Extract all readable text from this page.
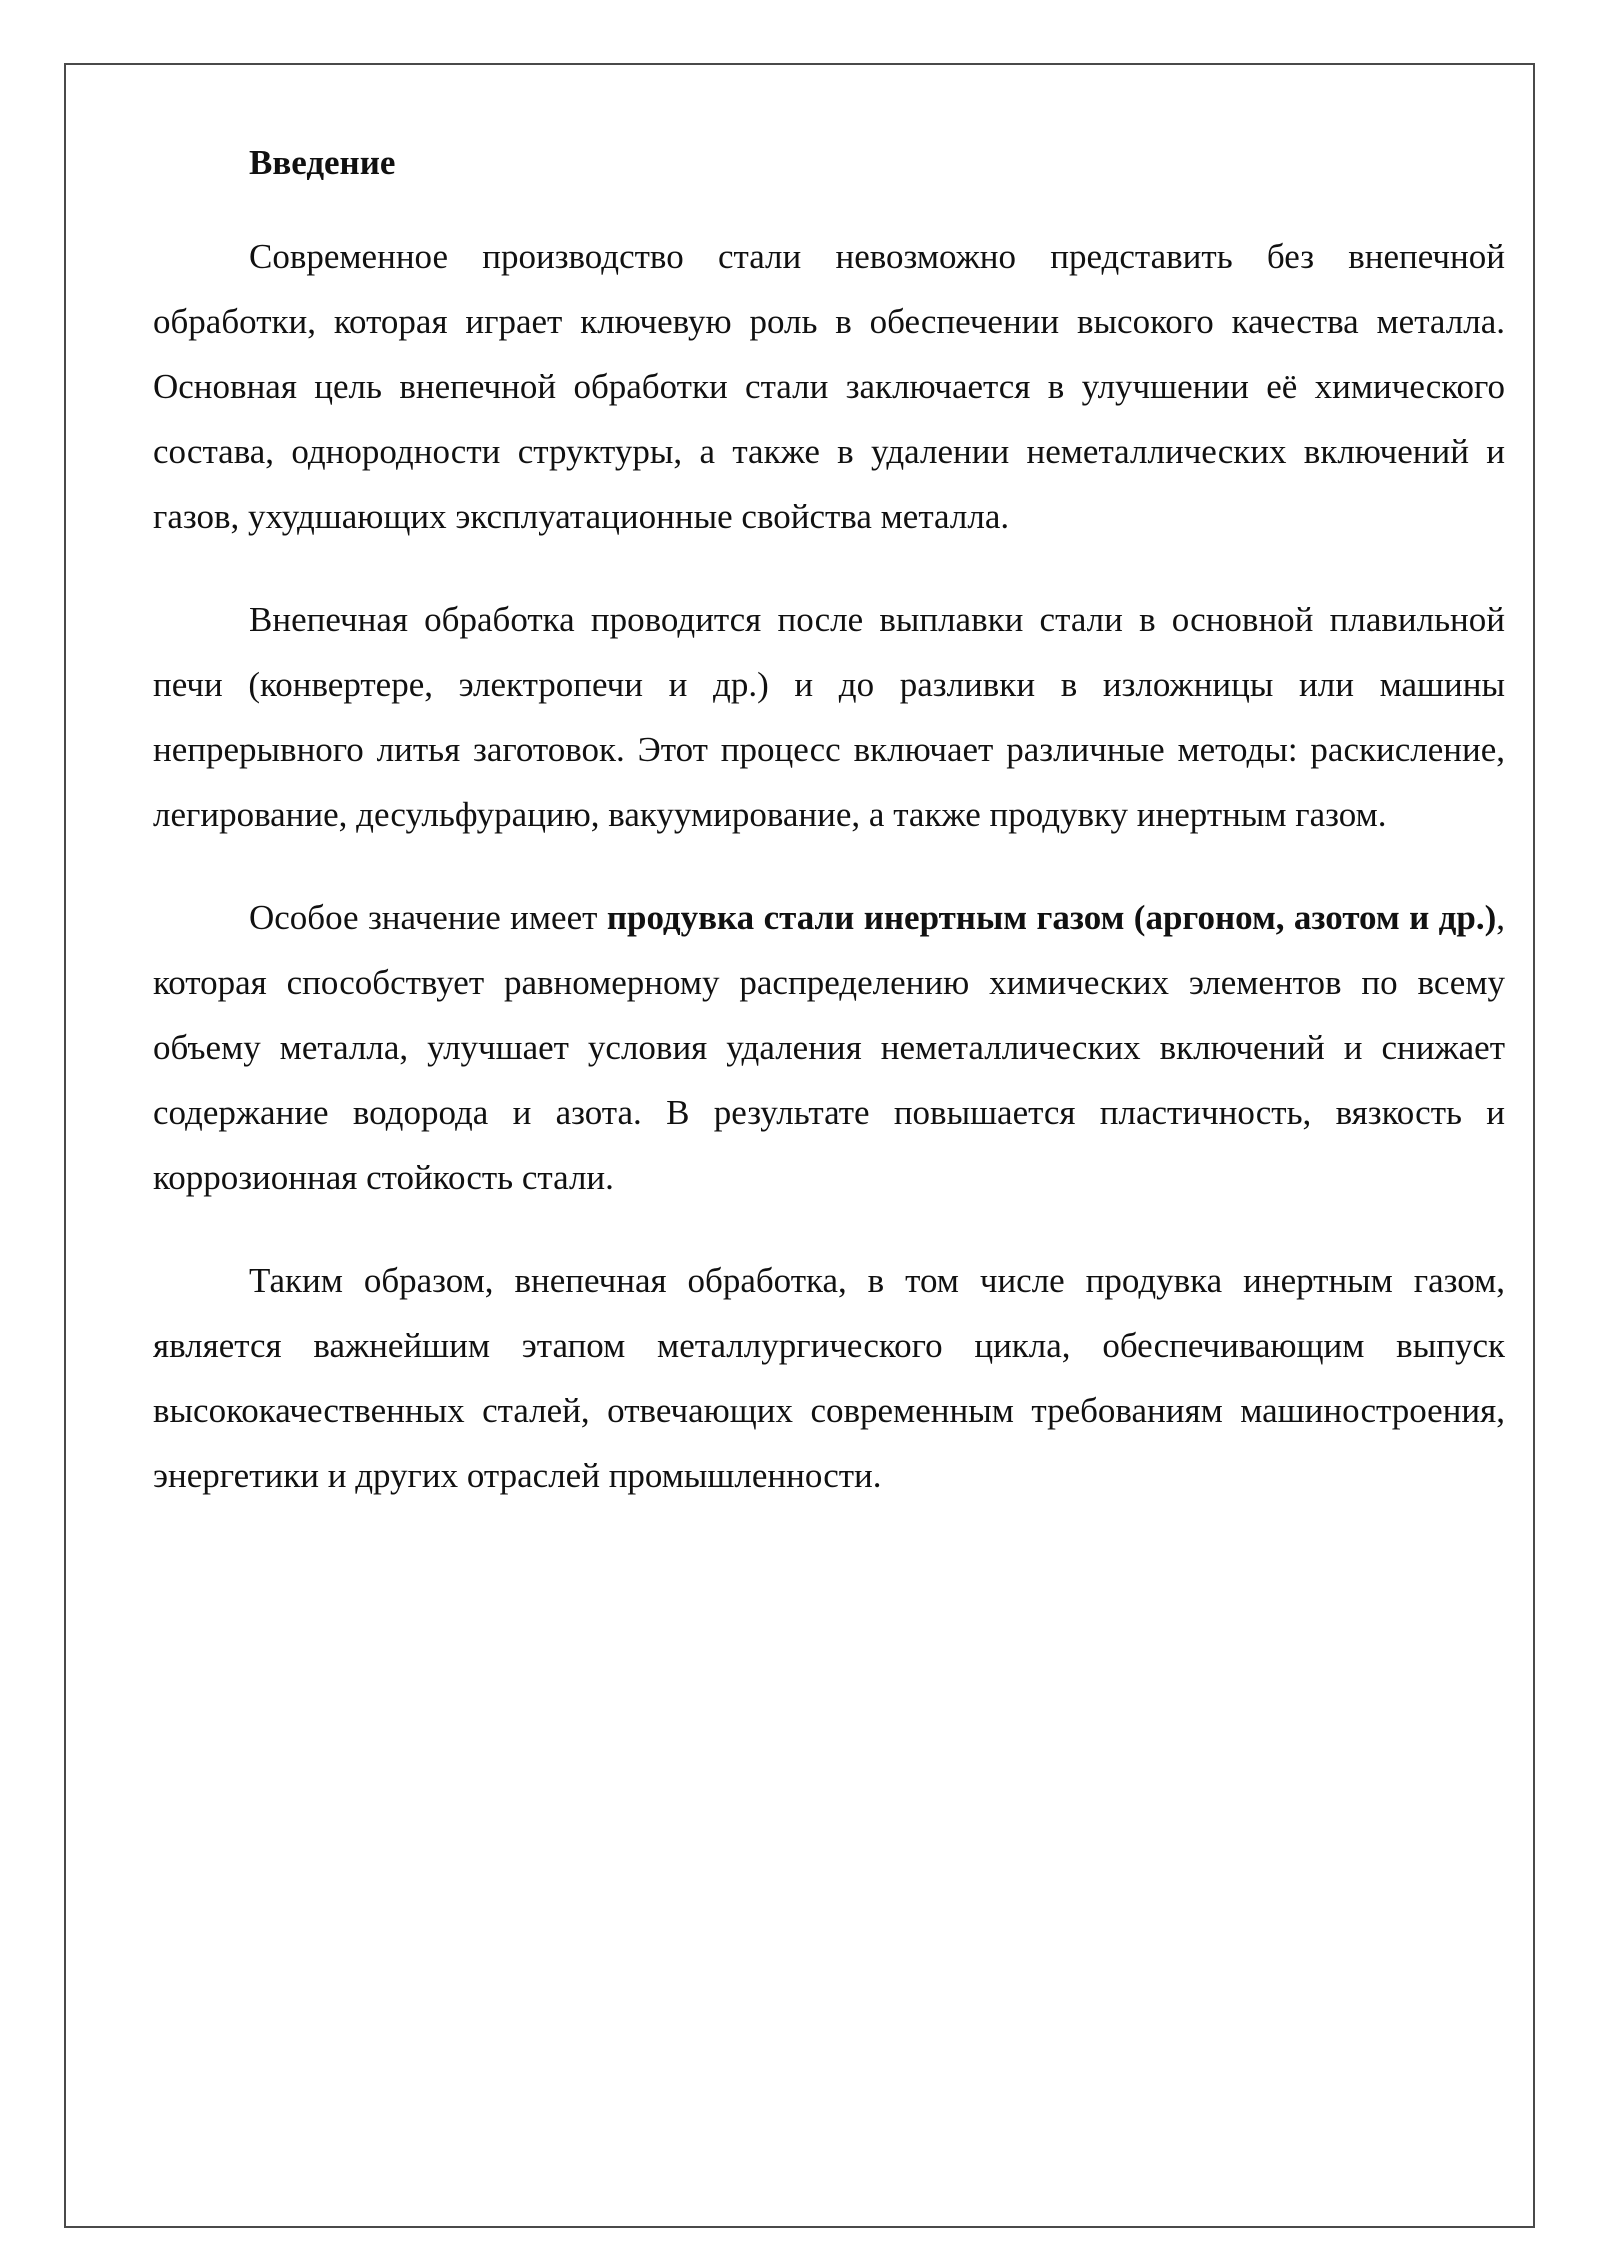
Введение

Современное производство стали невозможно представить без внепечной обработки, которая играет ключевую роль в обеспечении высокого качества металла. Основная цель внепечной обработки стали заключается в улучшении её химического состава, однородности структуры, а также в удалении неметаллических включений и газов, ухудшающих эксплуатационные свойства металла.

Внепечная обработка проводится после выплавки стали в основной плавильной печи (конвертере, электропечи и др.) и до разливки в изложницы или машины непрерывного литья заготовок. Этот процесс включает различные методы: раскисление, легирование, десульфурацию, вакуумирование, а также продувку инертным газом.

Особое значение имеет продувка стали инертным газом (аргоном, азотом и др.), которая способствует равномерному распределению химических элементов по всему объему металла, улучшает условия удаления неметаллических включений и снижает содержание водорода и азота. В результате повышается пластичность, вязкость и коррозионная стойкость стали.

Таким образом, внепечная обработка, в том числе продувка инертным газом, является важнейшим этапом металлургического цикла, обеспечивающим выпуск высококачественных сталей, отвечающих современным требованиям машиностроения, энергетики и других отраслей промышленности.
